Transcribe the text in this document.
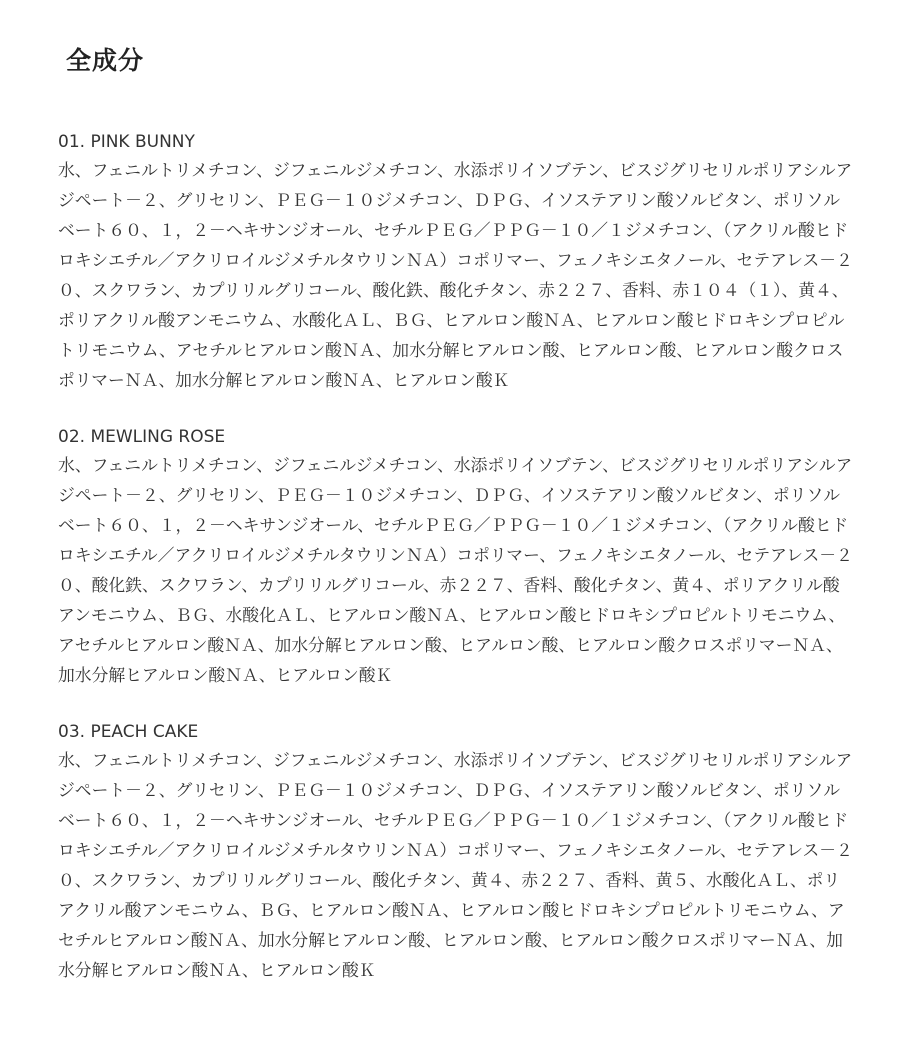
全成分

01. PINK BUNNY

水、フェニルトリメチコン、ジフェニルジメチコン、水添ポリイソブテン、ビスジグリセリルポリアシルアジペート－２、グリセリン、ＰＥＧ－１０ジメチコン、ＤＰＧ、イソステアリン酸ソルビタン、ポリソルベート６０、１，２－ヘキサンジオール、セチルＰＥＧ／ＰＰＧ－１０／１ジメチコン、（アクリル酸ヒドロキシエチル／アクリロイルジメチルタウリンＮＡ）コポリマー、フェノキシエタノール、セテアレス－２０、スクワラン、カプリリルグリコール、酸化鉄、酸化チタン、赤２２７、香料、赤１０４（１）、黄４、ポリアクリル酸アンモニウム、水酸化ＡＬ、ＢＧ、ヒアルロン酸ＮＡ、ヒアルロン酸ヒドロキシプロピルトリモニウム、アセチルヒアルロン酸ＮＡ、加水分解ヒアルロン酸、ヒアルロン酸、ヒアルロン酸クロスポリマーＮＡ、加水分解ヒアルロン酸ＮＡ、ヒアルロン酸Ｋ

02. MEWLING ROSE

水、フェニルトリメチコン、ジフェニルジメチコン、水添ポリイソブテン、ビスジグリセリルポリアシルアジペート－２、グリセリン、ＰＥＧ－１０ジメチコン、ＤＰＧ、イソステアリン酸ソルビタン、ポリソルベート６０、１，２－ヘキサンジオール、セチルＰＥＧ／ＰＰＧ－１０／１ジメチコン、（アクリル酸ヒドロキシエチル／アクリロイルジメチルタウリンＮＡ）コポリマー、フェノキシエタノール、セテアレス－２０、酸化鉄、スクワラン、カプリリルグリコール、赤２２７、香料、酸化チタン、黄４、ポリアクリル酸アンモニウム、ＢＧ、水酸化ＡＬ、ヒアルロン酸ＮＡ、ヒアルロン酸ヒドロキシプロピルトリモニウム、アセチルヒアルロン酸ＮＡ、加水分解ヒアルロン酸、ヒアルロン酸、ヒアルロン酸クロスポリマーＮＡ、加水分解ヒアルロン酸ＮＡ、ヒアルロン酸Ｋ

03. PEACH CAKE

水、フェニルトリメチコン、ジフェニルジメチコン、水添ポリイソブテン、ビスジグリセリルポリアシルアジペート－２、グリセリン、ＰＥＧ－１０ジメチコン、ＤＰＧ、イソステアリン酸ソルビタン、ポリソルベート６０、１，２－ヘキサンジオール、セチルＰＥＧ／ＰＰＧ－１０／１ジメチコン、（アクリル酸ヒドロキシエチル／アクリロイルジメチルタウリンＮＡ）コポリマー、フェノキシエタノール、セテアレス－２０、スクワラン、カプリリルグリコール、酸化チタン、黄４、赤２２７、香料、黄５、水酸化ＡＬ、ポリアクリル酸アンモニウム、ＢＧ、ヒアルロン酸ＮＡ、ヒアルロン酸ヒドロキシプロピルトリモニウム、アセチルヒアルロン酸ＮＡ、加水分解ヒアルロン酸、ヒアルロン酸、ヒアルロン酸クロスポリマーＮＡ、加水分解ヒアルロン酸ＮＡ、ヒアルロン酸Ｋ
